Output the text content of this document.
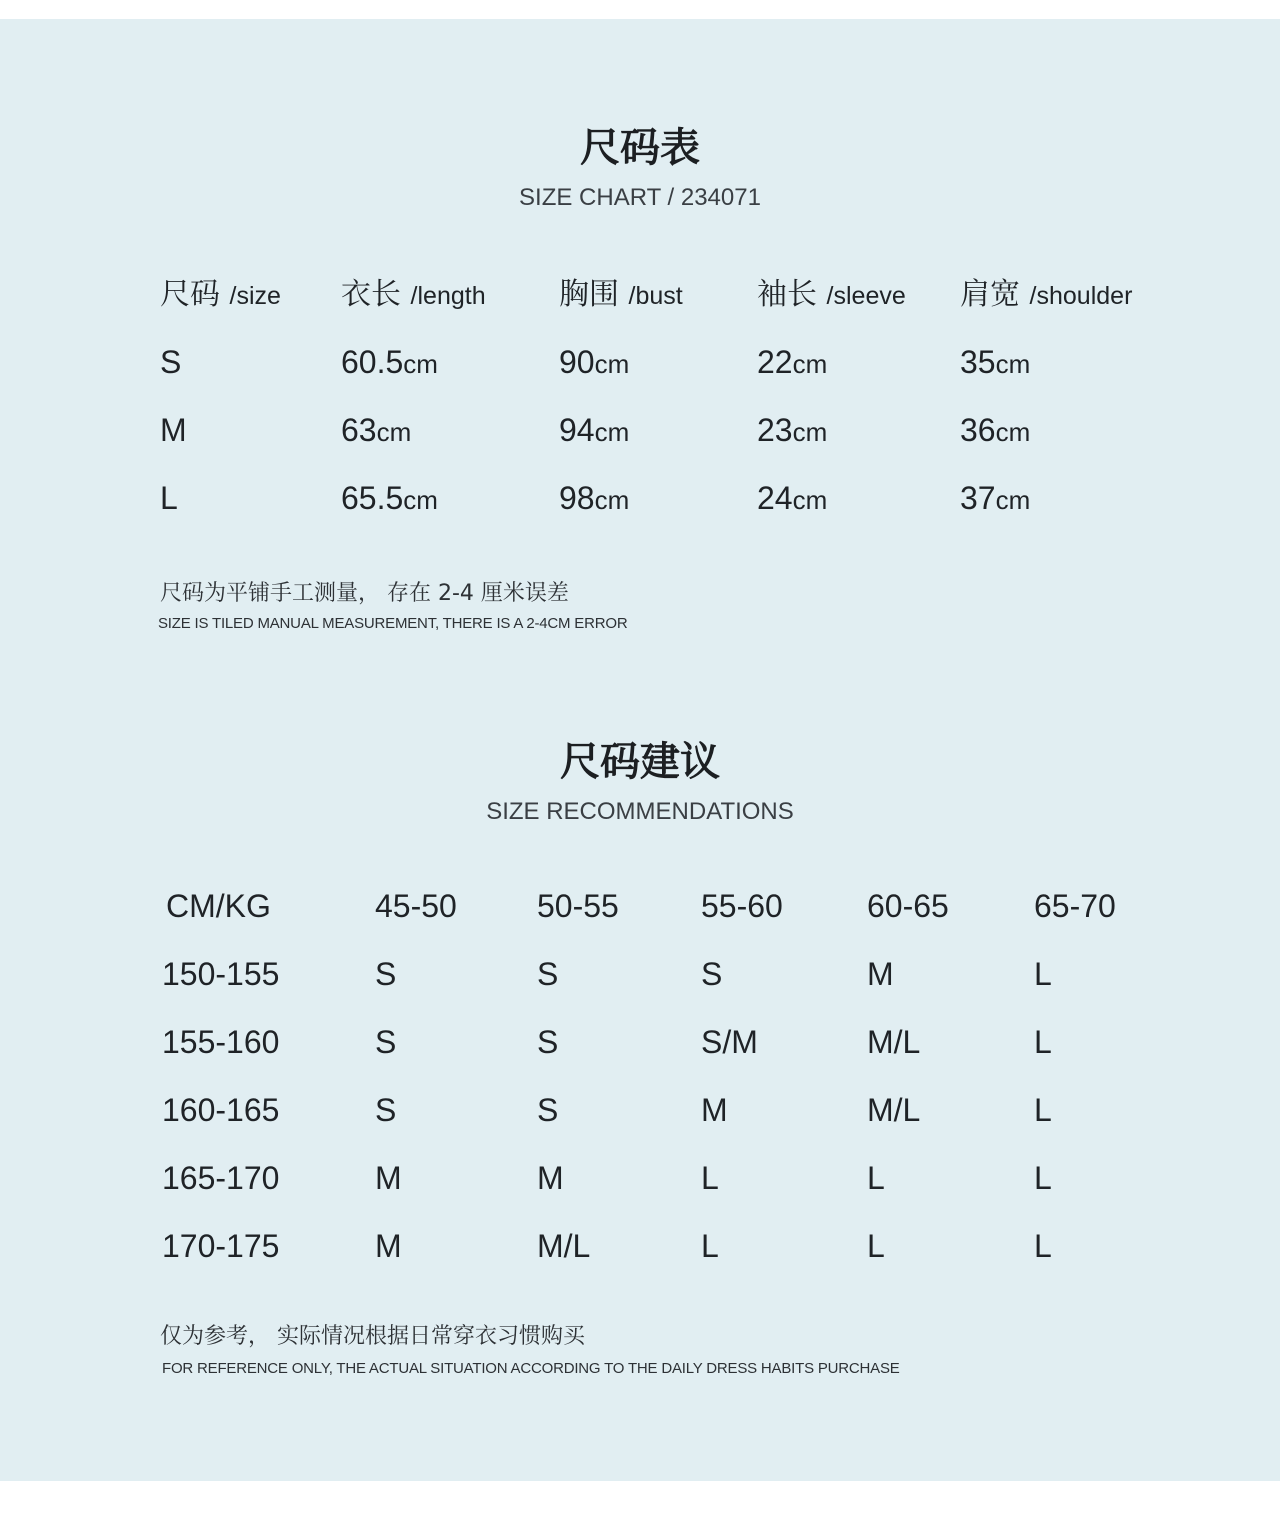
尺码表
SIZE CHART / 234071
尺码 /size 衣长 /length 胸围 /bust 袖长 /sleeve 肩宽 /shoulder
S	60.5cm	90cm	22cm	35cm
M	63cm	94cm	23cm	36cm
L	65.5cm	98cm	24cm	37cm
尺码为平铺手工测量， 存在 2-4 厘米误差
SIZE IS TILED MANUAL MEASUREMENT, THERE IS A 2-4CM ERROR
尺码建议
SIZE RECOMMENDATIONS
CM/KG	45-50	50-55	55-60	60-65	65-70
150-155	S	S	S	M	L
155-160	S	S	S/M	M/L	L
160-165	S	S	M	M/L	L
165-170	M	M	L	L	L
170-175	M	M/L	L	L	L
仅为参考， 实际情况根据日常穿衣习惯购买
FOR REFERENCE ONLY, THE ACTUAL SITUATION ACCORDING TO THE DAILY DRESS HABITS PURCHASE
